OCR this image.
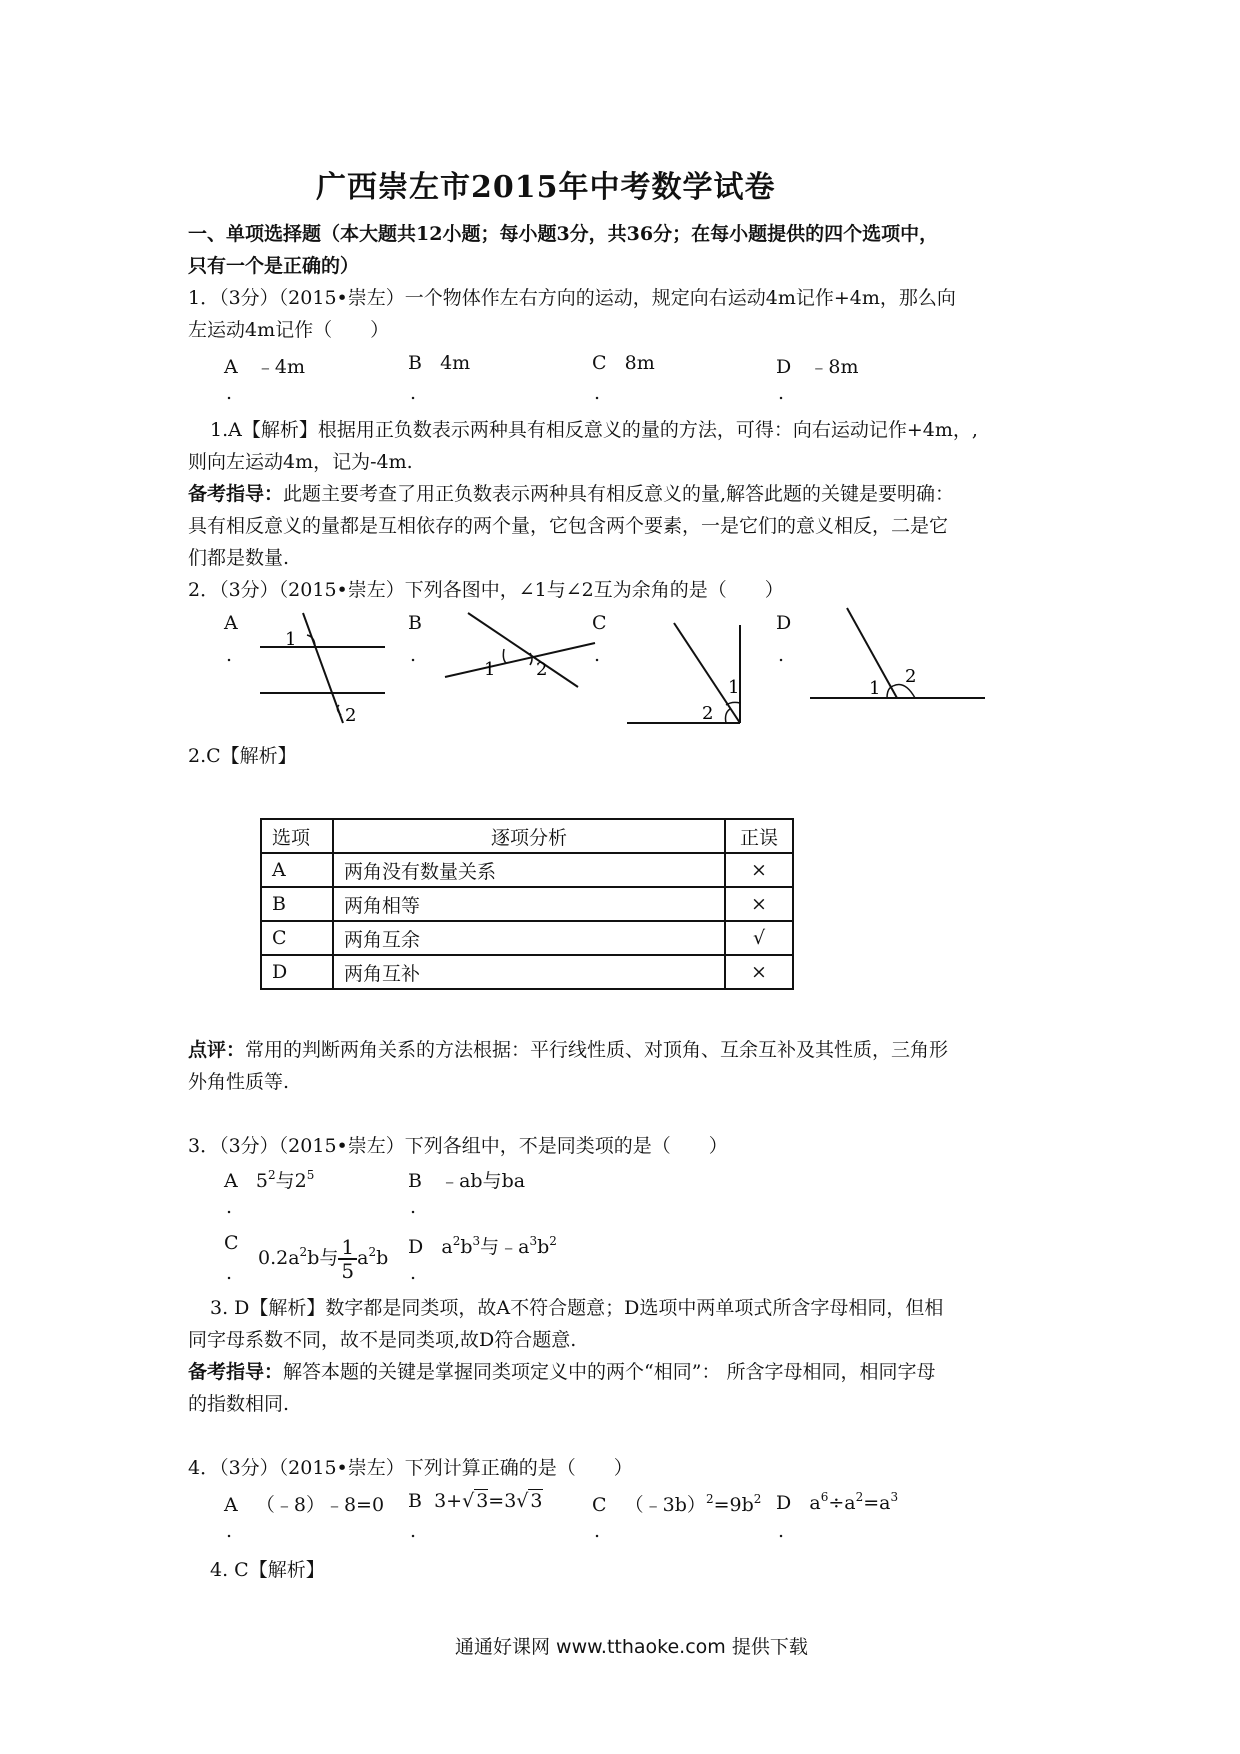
广西崇左市2015年中考数学试卷
一、单项选择题（本大题共12小题；每小题3分，共36分；在每小题提供的四个选项中，
只有一个是正确的）
1．（3分）（2015•崇左）一个物体作左右方向的运动，规定向右运动4m记作+4m，那么向
左运动4m记作（　　）
A ﹣4m	B 4m	C 8m	D ﹣8m
.	.	.	.
1.A【解析】根据用正负数表示两种具有相反意义的量的方法，可得：向右运动记作+4m，,
则向左运动4m，记为-4m.
备考指导：此题主要考查了用正负数表示两种具有相反意义的量,解答此题的关键是要明确：
具有相反意义的量都是互相依存的两个量，它包含两个要素，一是它们的意义相反，二是它
们都是数量.
2．（3分）（2015•崇左）下列各图中，∠1与∠2互为余角的是（　　）
A	B	C	D
.	.	.	.
1
2
1 2
1
2
1
2
2.C【解析】
选项	逐项分析	正误
A	两角没有数量关系	×
B	两角相等	×
C	两角互余	√
D	两角互补	×
点评：常用的判断两角关系的方法根据：平行线性质、对顶角、互余互补及其性质，三角形
外角性质等.
3．（3分）（2015•崇左）下列各组中，不是同类项的是（　　）
A   $5^2$与$2^5$	B ﹣ab与ba
.	.
C
$0.2a^2b$与 $\frac{1}{5} a^2b$ D   $a^2b^3$与$﹣a^3b^2$
.	.
3. D【解析】数字都是同类项，故A不符合题意；D选项中两单项式所含字母相同，但相
同字母系数不同，故不是同类项,故D符合题意.
备考指导：解答本题的关键是掌握同类项定义中的两个“相同”： 所含字母相同，相同字母
的指数相同.
4．（3分）（2015•崇左）下列计算正确的是（　　）
A （﹣8）﹣8=0 B 3+√ 3=3√ 3	C $(﹣3b)^2=9b^2$ D   $a^6\div a^2=a^3$
.	.	.	.
4. C【解析】
通通好课网 www.tthaoke.com 提供下载
